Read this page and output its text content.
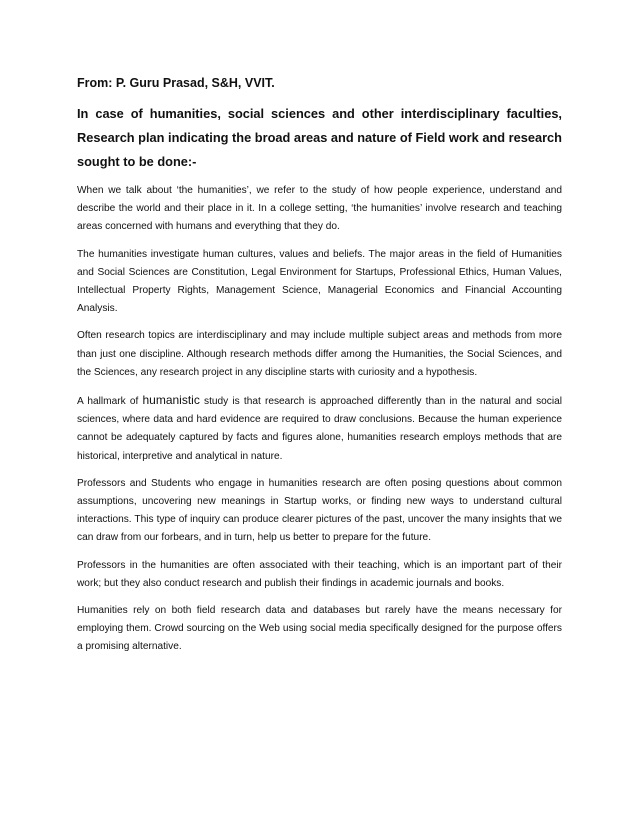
From: P. Guru Prasad, S&H, VVIT.

In case of humanities, social sciences and other interdisciplinary faculties, Research plan indicating the broad areas and nature of Field work and research sought to be done:-

When we talk about ‘the humanities’, we refer to the study of how people experience, understand and describe the world and their place in it. In a college setting, ‘the humanities’ involve research and teaching areas concerned with humans and everything that they do.

The humanities investigate human cultures, values and beliefs. The major areas in the field of Humanities and Social Sciences are Constitution, Legal Environment for Startups, Professional Ethics, Human Values, Intellectual Property Rights, Management Science, Managerial Economics and Financial Accounting Analysis.

Often research topics are interdisciplinary and may include multiple subject areas and methods from more than just one discipline. Although research methods differ among the Humanities, the Social Sciences, and the Sciences, any research project in any discipline starts with curiosity and a hypothesis.

A hallmark of humanistic study is that research is approached differently than in the natural and social sciences, where data and hard evidence are required to draw conclusions. Because the human experience cannot be adequately captured by facts and figures alone, humanities research employs methods that are historical, interpretive and analytical in nature.

Professors and Students who engage in humanities research are often posing questions about common assumptions, uncovering new meanings in Startup works, or finding new ways to understand cultural interactions. This type of inquiry can produce clearer pictures of the past, uncover the many insights that we can draw from our forbears, and in turn, help us better to prepare for the future.

Professors in the humanities are often associated with their teaching, which is an important part of their work; but they also conduct research and publish their findings in academic journals and books.

Humanities rely on both field research data and databases but rarely have the means necessary for employing them. Crowd sourcing on the Web using social media specifically designed for the purpose offers a promising alternative.
